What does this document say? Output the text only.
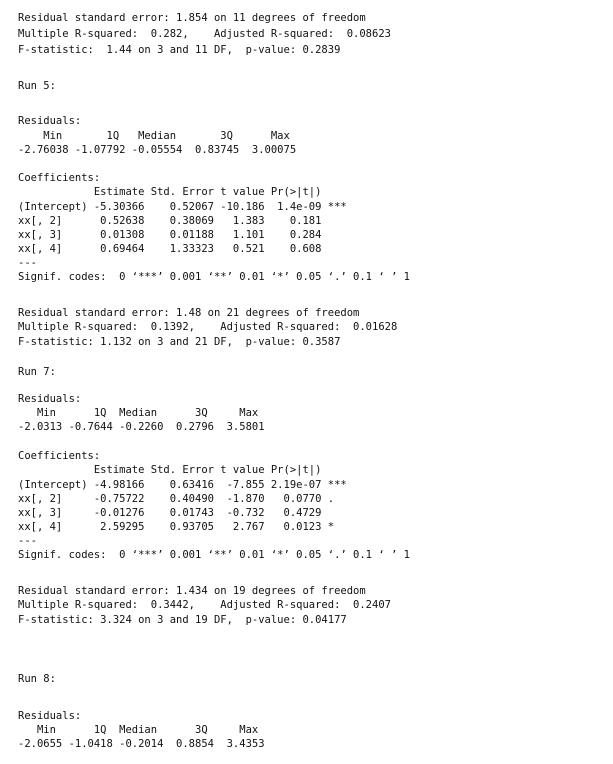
Residual standard error: 1.854 on 11 degrees of freedom
Multiple R-squared:  0.282,    Adjusted R-squared:  0.08623
F-statistic:  1.44 on 3 and 11 DF,  p-value: 0.2839
Run 5:
Residuals:
Min       1Q   Median       3Q      Max
-2.76038 -1.07792 -0.05554  0.83745  3.00075
Coefficients:
Estimate Std. Error t value Pr(>|t|)
(Intercept) -5.30366    0.52067 -10.186  1.4e-09 ***
xx[, 2]      0.52638    0.38069   1.383    0.181
xx[, 3]      0.01308    0.01188   1.101    0.284
xx[, 4]      0.69464    1.33323   0.521    0.608
---
Signif. codes:  0 ‘***’ 0.001 ‘**’ 0.01 ‘*’ 0.05 ‘.’ 0.1 ‘ ’ 1
Residual standard error: 1.48 on 21 degrees of freedom
Multiple R-squared:  0.1392,    Adjusted R-squared:  0.01628
F-statistic: 1.132 on 3 and 21 DF,  p-value: 0.3587
Run 7:
Residuals:
Min      1Q  Median      3Q     Max
-2.0313 -0.7644 -0.2260  0.2796  3.5801
Coefficients:
Estimate Std. Error t value Pr(>|t|)
(Intercept) -4.98166    0.63416  -7.855 2.19e-07 ***
xx[, 2]     -0.75722    0.40490  -1.870   0.0770 .
xx[, 3]     -0.01276    0.01743  -0.732   0.4729
xx[, 4]      2.59295    0.93705   2.767   0.0123 *
---
Signif. codes:  0 ‘***’ 0.001 ‘**’ 0.01 ‘*’ 0.05 ‘.’ 0.1 ‘ ’ 1
Residual standard error: 1.434 on 19 degrees of freedom
Multiple R-squared:  0.3442,    Adjusted R-squared:  0.2407
F-statistic: 3.324 on 3 and 19 DF,  p-value: 0.04177
Run 8:
Residuals:
Min      1Q  Median      3Q     Max
-2.0655 -1.0418 -0.2014  0.8854  3.4353
